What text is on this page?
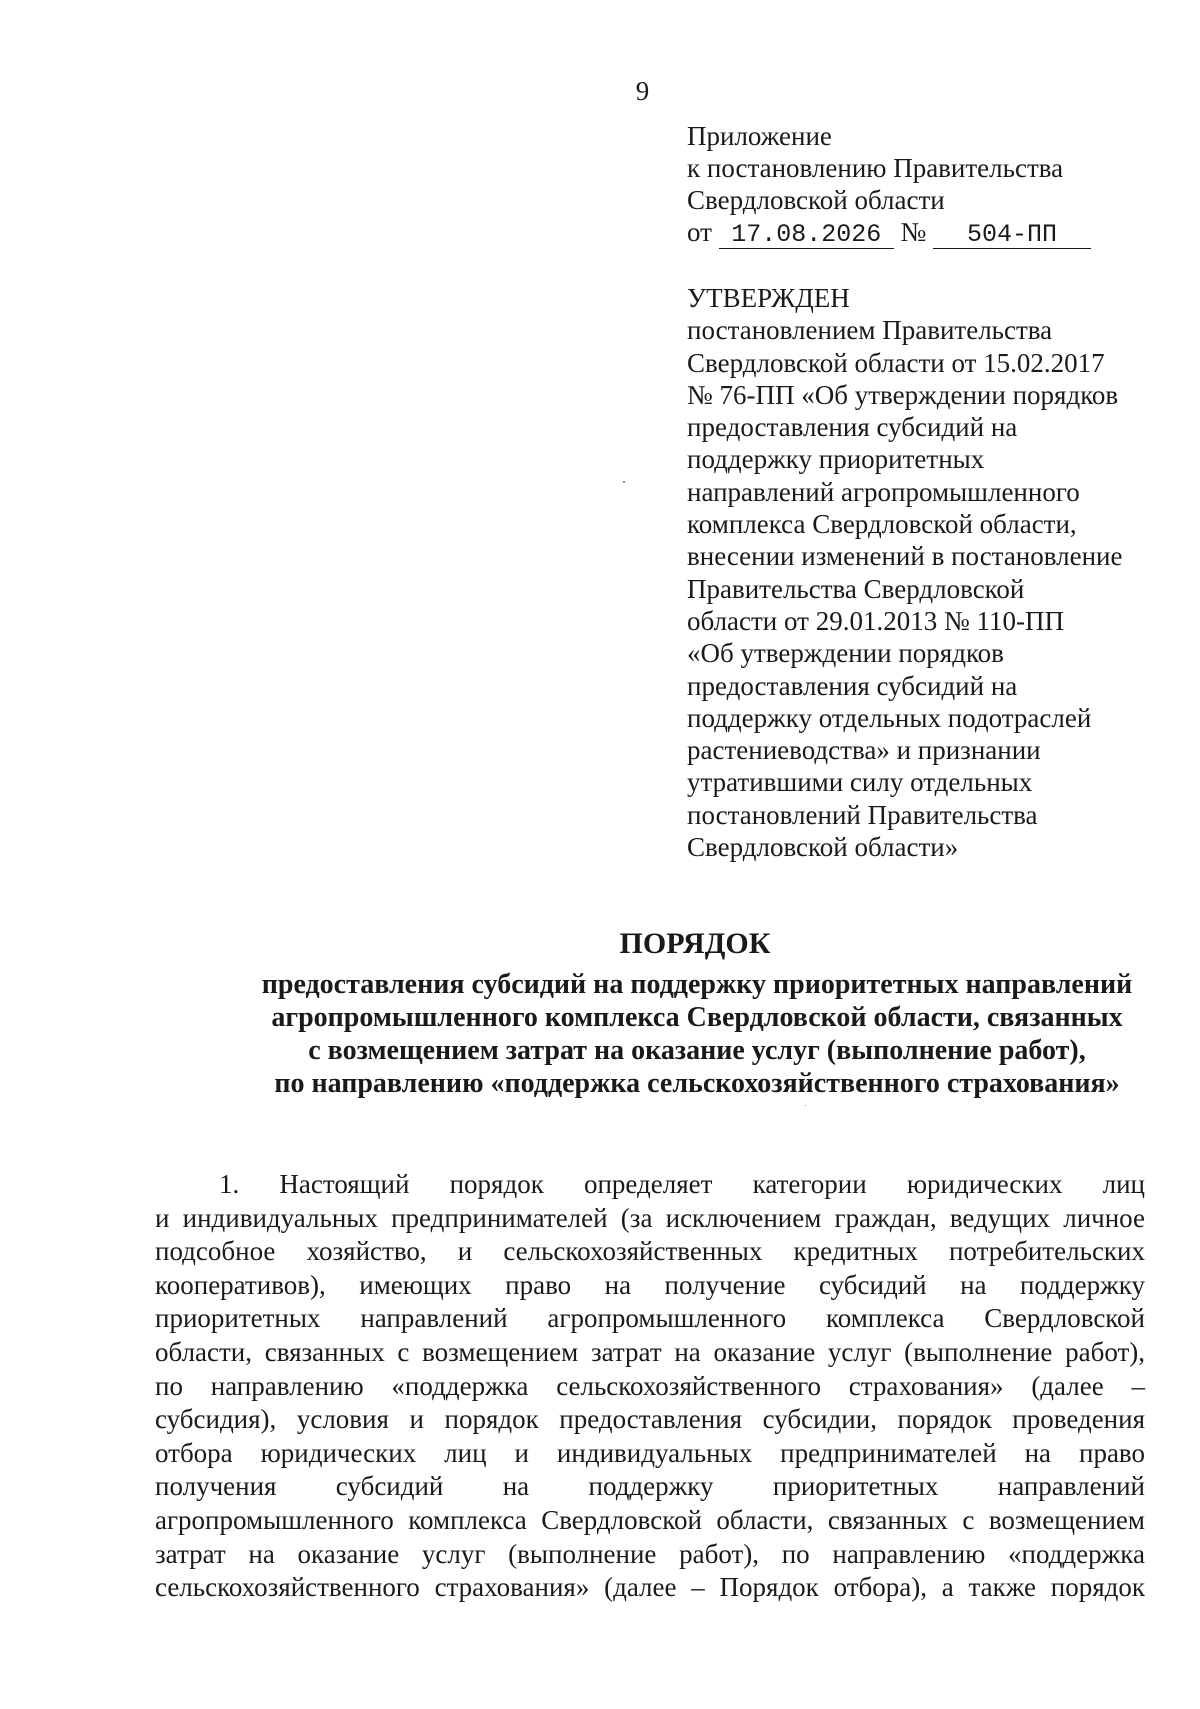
9
Приложение
к постановлению Правительства
Свердловской области
от 17.08.2026 № 504-ПП
УТВЕРЖДЕН
постановлением Правительства
Свердловской области от 15.02.2017
№ 76-ПП «Об утверждении порядков
предоставления субсидий на
поддержку приоритетных
направлений агропромышленного
комплекса Свердловской области,
внесении изменений в постановление
Правительства Свердловской
области от 29.01.2013 № 110-ПП
«Об утверждении порядков
предоставления субсидий на
поддержку отдельных подотраслей
растениеводства» и признании
утратившими силу отдельных
постановлений Правительства
Свердловской области»
ПОРЯДОК
предоставления субсидий на поддержку приоритетных направлений
агропромышленного комплекса Свердловской области, связанных
с возмещением затрат на оказание услуг (выполнение работ),
по направлению «поддержка сельскохозяйственного страхования»
1. Настоящий порядок определяет категории юридических лиц
и индивидуальных предпринимателей (за исключением граждан, ведущих личное
подсобное хозяйство, и сельскохозяйственных кредитных потребительских
кооперативов), имеющих право на получение субсидий на поддержку
приоритетных направлений агропромышленного комплекса Свердловской
области, связанных с возмещением затрат на оказание услуг (выполнение работ),
по направлению «поддержка сельскохозяйственного страхования» (далее –
субсидия), условия и порядок предоставления субсидии, порядок проведения
отбора юридических лиц и индивидуальных предпринимателей на право
получения субсидий на поддержку приоритетных направлений
агропромышленного комплекса Свердловской области, связанных с возмещением
затрат на оказание услуг (выполнение работ), по направлению «поддержка
сельскохозяйственного страхования» (далее – Порядок отбора), а также порядок
